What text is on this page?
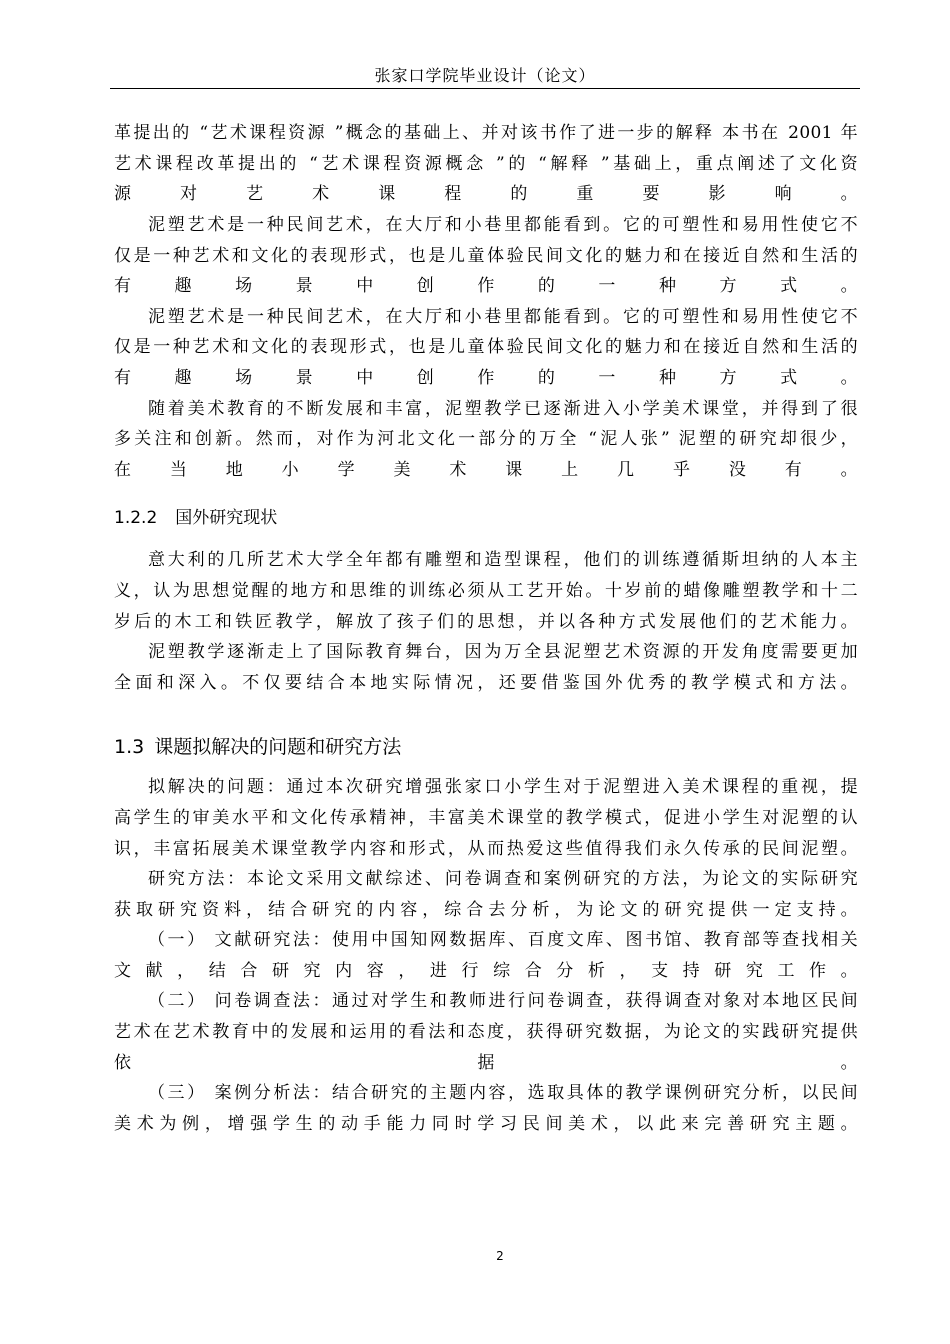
张家口学院毕业设计（论文）
革提出的 “艺术课程资源 ”概念的基础上、并对该书作了进一步的解释 本书在 2001 年
艺术课程改革提出的 “艺术课程资源概念 ”的 “解释 ”基础上，重点阐述了文化资
源对艺术课程的重要影响。
泥塑艺术是一种民间艺术，在大厅和小巷里都能看到。它的可塑性和易用性使它不
仅是一种艺术和文化的表现形式，也是儿童体验民间文化的魅力和在接近自然和生活的
有趣场景中创作的一种方式。
泥塑艺术是一种民间艺术，在大厅和小巷里都能看到。它的可塑性和易用性使它不
仅是一种艺术和文化的表现形式，也是儿童体验民间文化的魅力和在接近自然和生活的
有趣场景中创作的一种方式。
随着美术教育的不断发展和丰富，泥塑教学已逐渐进入小学美术课堂，并得到了很
多关注和创新。然而，对作为河北文化一部分的万全 “泥人张” 泥塑的研究却很少，
在当地小学美术课上几乎没有。
1.2.2 国外研究现状
意大利的几所艺术大学全年都有雕塑和造型课程，他们的训练遵循斯坦纳的人本主
义，认为思想觉醒的地方和思维的训练必须从工艺开始。十岁前的蜡像雕塑教学和十二
岁后的木工和铁匠教学，解放了孩子们的思想，并以各种方式发展他们的艺术能力。
泥塑教学逐渐走上了国际教育舞台，因为万全县泥塑艺术资源的开发角度需要更加
全面和深入。不仅要结合本地实际情况，还要借鉴国外优秀的教学模式和方法。
1.3 课题拟解决的问题和研究方法
拟解决的问题：通过本次研究增强张家口小学生对于泥塑进入美术课程的重视，提
高学生的审美水平和文化传承精神，丰富美术课堂的教学模式，促进小学生对泥塑的认
识，丰富拓展美术课堂教学内容和形式，从而热爱这些值得我们永久传承的民间泥塑。
研究方法：本论文采用文献综述、问卷调查和案例研究的方法，为论文的实际研究
获取研究资料，结合研究的内容，综合去分析，为论文的研究提供一定支持。
（一） 文献研究法：使用中国知网数据库、百度文库、图书馆、教育部等查找相关
文献，结合研究内容，进行综合分析，支持研究工作。
（二） 问卷调查法：通过对学生和教师进行问卷调查，获得调查对象对本地区民间
艺术在艺术教育中的发展和运用的看法和态度，获得研究数据，为论文的实践研究提供
依据。
（三） 案例分析法：结合研究的主题内容，选取具体的教学课例研究分析，以民间
美术为例，增强学生的动手能力同时学习民间美术，以此来完善研究主题。
2
